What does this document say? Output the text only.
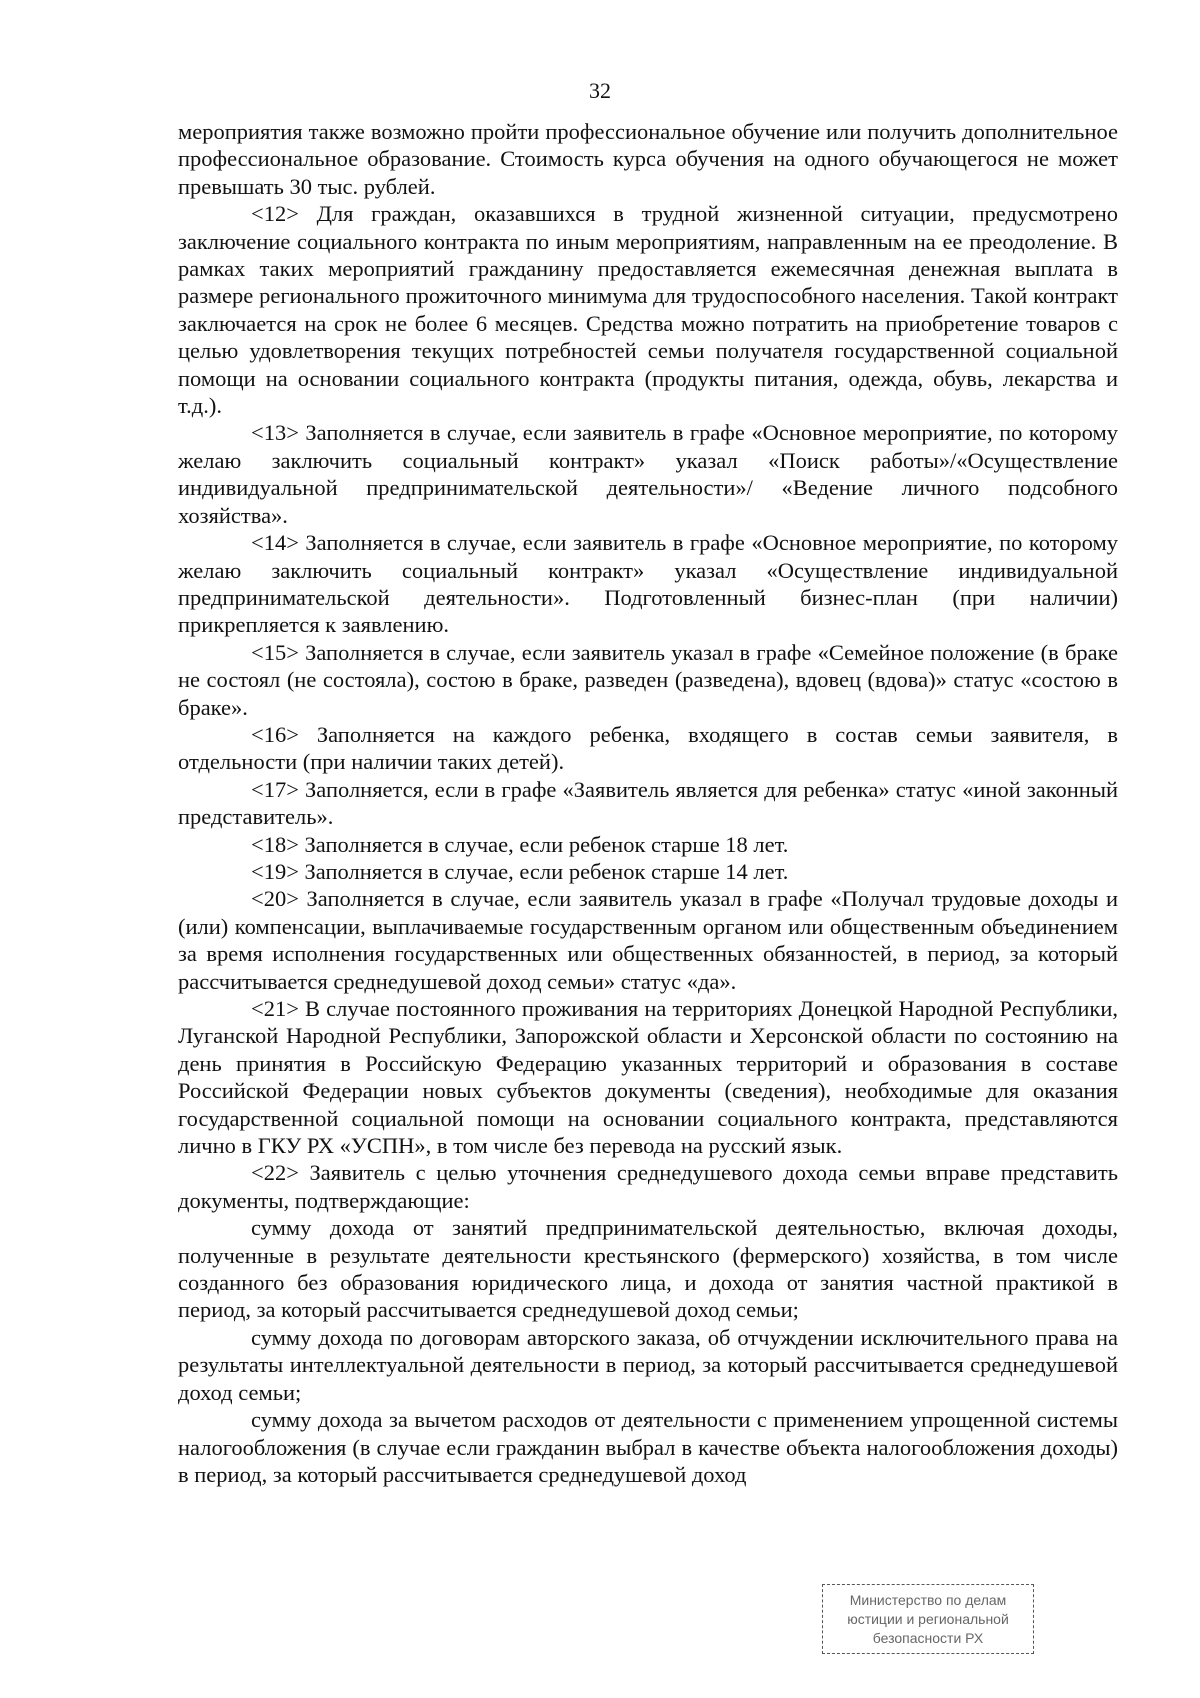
32

мероприятия также возможно пройти профессиональное обучение или получить дополнительное профессиональное образование. Стоимость курса обучения на одного обучающегося не может превышать 30 тыс. рублей.

<12> Для граждан, оказавшихся в трудной жизненной ситуации, предусмотрено заключение социального контракта по иным мероприятиям, направленным на ее преодоление. В рамках таких мероприятий гражданину предоставляется ежемесячная денежная выплата в размере регионального прожиточного минимума для трудоспособного населения. Такой контракт заключается на срок не более 6 месяцев. Средства можно потратить на приобретение товаров с целью удовлетворения текущих потребностей семьи получателя государственной социальной помощи на основании социального контракта (продукты питания, одежда, обувь, лекарства и т.д.).

<13> Заполняется в случае, если заявитель в графе «Основное мероприятие, по которому желаю заключить социальный контракт» указал «Поиск работы»/«Осуществление индивидуальной предпринимательской деятельности»/ «Ведение личного подсобного хозяйства».

<14> Заполняется в случае, если заявитель в графе «Основное мероприятие, по которому желаю заключить социальный контракт» указал «Осуществление индивидуальной предпринимательской деятельности». Подготовленный бизнес-план (при наличии) прикрепляется к заявлению.

<15> Заполняется в случае, если заявитель указал в графе «Семейное положение (в браке не состоял (не состояла), состою в браке, разведен (разведена), вдовец (вдова)» статус «состою в браке».

<16> Заполняется на каждого ребенка, входящего в состав семьи заявителя, в отдельности (при наличии таких детей).

<17> Заполняется, если в графе «Заявитель является для ребенка» статус «иной законный представитель».

<18> Заполняется в случае, если ребенок старше 18 лет.

<19> Заполняется в случае, если ребенок старше 14 лет.

<20> Заполняется в случае, если заявитель указал в графе «Получал трудовые доходы и (или) компенсации, выплачиваемые государственным органом или общественным объединением за время исполнения государственных или общественных обязанностей, в период, за который рассчитывается среднедушевой доход семьи» статус «да».

<21> В случае постоянного проживания на территориях Донецкой Народной Республики, Луганской Народной Республики, Запорожской области и Херсонской области по состоянию на день принятия в Российскую Федерацию указанных территорий и образования в составе Российской Федерации новых субъектов документы (сведения), необходимые для оказания государственной социальной помощи на основании социального контракта, представляются лично в ГКУ РХ «УСПН», в том числе без перевода на русский язык.

<22> Заявитель с целью уточнения среднедушевого дохода семьи вправе представить документы, подтверждающие:

сумму дохода от занятий предпринимательской деятельностью, включая доходы, полученные в результате деятельности крестьянского (фермерского) хозяйства, в том числе созданного без образования юридического лица, и дохода от занятия частной практикой в период, за который рассчитывается среднедушевой доход семьи;

сумму дохода по договорам авторского заказа, об отчуждении исключительного права на результаты интеллектуальной деятельности в период, за который рассчитывается среднедушевой доход семьи;

сумму дохода за вычетом расходов от деятельности с применением упрощенной системы налогообложения (в случае если гражданин выбрал в качестве объекта налогообложения доходы) в период, за который рассчитывается среднедушевой доход

Министерство по делам
юстиции и региональной
безопасности РХ
